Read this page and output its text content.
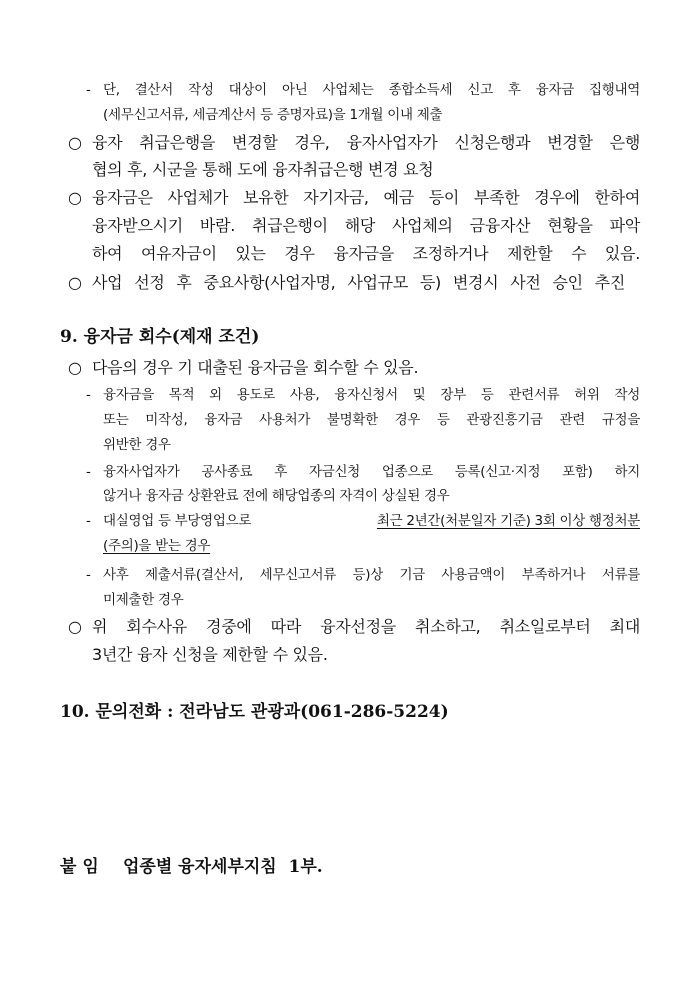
- 단, 결산서 작성 대상이 아닌 사업체는 종합소득세 신고 후 융자금 집행내역
(세무신고서류, 세금계산서 등 증명자료)을 1개월 이내 제출
○ 융자 취급은행을 변경할 경우, 융자사업자가 신청은행과 변경할 은행
협의 후, 시군을 통해 도에 융자취급은행 변경 요청
○ 융자금은 사업체가 보유한 자기자금, 예금 등이 부족한 경우에 한하여
융자받으시기 바람. 취급은행이 해당 사업체의 금융자산 현황을 파악
하여 여유자금이 있는 경우 융자금을 조정하거나 제한할 수 있음.
○ 사업 선정 후 중요사항(사업자명, 사업규모 등) 변경시 사전 승인 추진
9. 융자금 회수(제재 조건)
○ 다음의 경우 기 대출된 융자금을 회수할 수 있음.
- 융자금을 목적 외 용도로 사용, 융자신청서 및 장부 등 관련서류 허위 작성
또는 미작성, 융자금 사용처가 불명확한 경우 등 관광진흥기금 관련 규정을
위반한 경우
- 융자사업자가 공사종료 후 자금신청 업종으로 등록(신고·지정 포함) 하지
않거나 융자금 상환완료 전에 해당업종의 자격이 상실된 경우
- 대실영업 등 부당영업으로	최근 2년간(처분일자 기준) 3회 이상 행정처분
(주의)을 받는 경우
- 사후 제출서류(결산서, 세무신고서류 등)상 기금 사용금액이 부족하거나 서류를
미제출한 경우
○ 위 회수사유 경중에 따라 융자선정을 취소하고, 취소일로부터 최대
3년간 융자 신청을 제한할 수 있음.
10. 문의전화 : 전라남도 관광과(061-286-5224)
붙 임 업종별 융자세부지침  1부.
